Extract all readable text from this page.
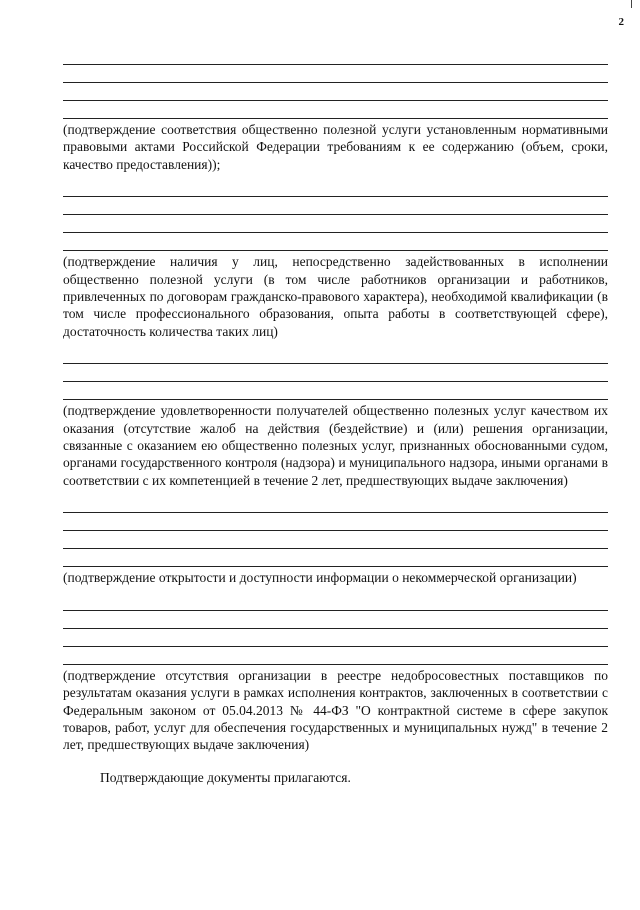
2
(подтверждение соответствия общественно полезной услуги установленным нормативными правовыми актами Российской Федерации требованиям к ее содержанию (объем, сроки, качество предоставления));
(подтверждение наличия у лиц, непосредственно задействованных в исполнении общественно полезной услуги (в том числе работников организации и работников, привлеченных по договорам гражданско-правового характера), необходимой квалификации (в том числе профессионального образования, опыта работы в соответствующей сфере), достаточность количества таких лиц)
(подтверждение удовлетворенности получателей общественно полезных услуг качеством их оказания (отсутствие жалоб на действия (бездействие) и (или) решения организации, связанные с оказанием ею общественно полезных услуг, признанных обоснованными судом, органами государственного контроля (надзора) и муниципального надзора, иными органами в соответствии с их компетенцией в течение 2 лет, предшествующих выдаче заключения)
(подтверждение открытости и доступности информации о некоммерческой организации)
(подтверждение отсутствия организации в реестре недобросовестных поставщиков по результатам оказания услуги в рамках исполнения контрактов, заключенных в соответствии с Федеральным законом от 05.04.2013 № 44-ФЗ "О контрактной системе в сфере закупок товаров, работ, услуг для обеспечения государственных и муниципальных нужд" в течение 2 лет, предшествующих выдаче заключения)
Подтверждающие документы прилагаются.
